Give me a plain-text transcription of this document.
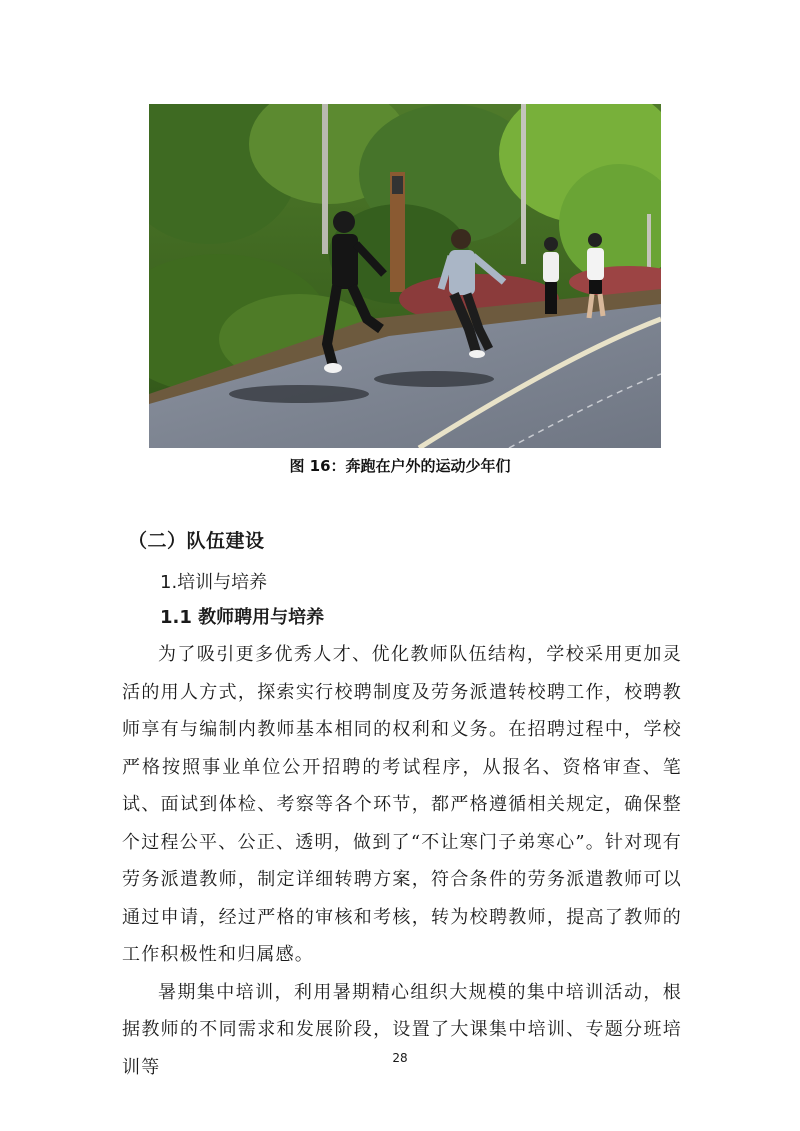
图 16：奔跑在户外的运动少年们
（二）队伍建设
1.培训与培养
1.1 教师聘用与培养

为了吸引更多优秀人才、优化教师队伍结构，学校采用更加灵活的用人方式，探索实行校聘制度及劳务派遣转校聘工作，校聘教师享有与编制内教师基本相同的权利和义务。在招聘过程中，学校严格按照事业单位公开招聘的考试程序，从报名、资格审查、笔试、面试到体检、考察等各个环节，都严格遵循相关规定，确保整个过程公平、公正、透明，做到了“不让寒门子弟寒心”。针对现有劳务派遣教师，制定详细转聘方案，符合条件的劳务派遣教师可以通过申请，经过严格的审核和考核，转为校聘教师，提高了教师的工作积极性和归属感。

暑期集中培训，利用暑期精心组织大规模的集中培训活动，根据教师的不同需求和发展阶段，设置了大课集中培训、专题分班培训等	28
